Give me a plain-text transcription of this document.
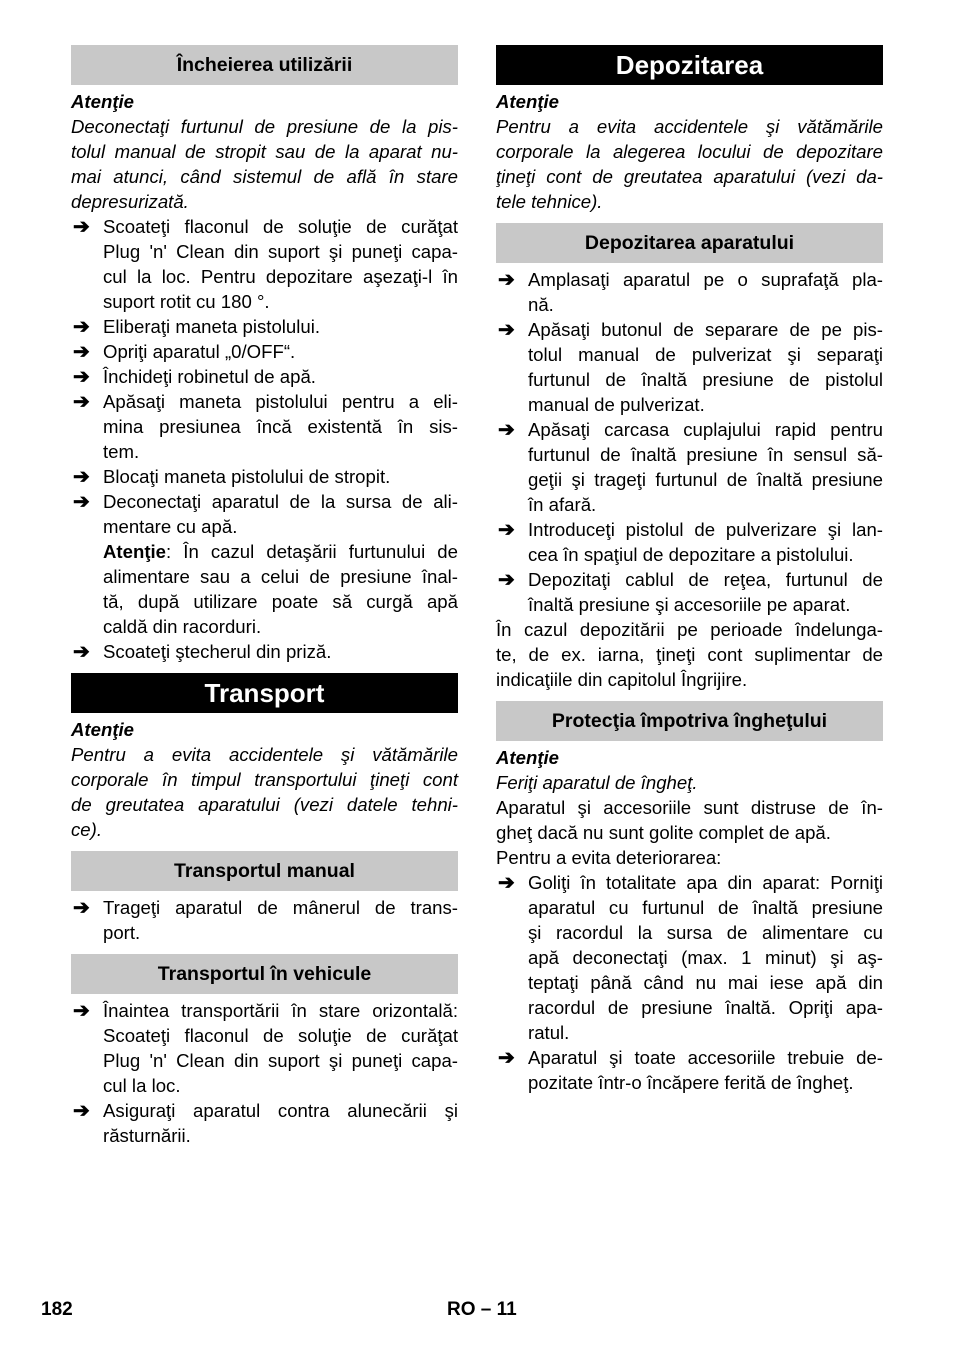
Încheierea utilizării
Atenţie
Deconectaţi furtunul de presiune de la pis-
tolul manual de stropit sau de la aparat nu-
mai atunci, când sistemul de află în stare
depresurizată.
➔ Scoateţi flaconul de soluţie de curăţat
Plug 'n' Clean din suport şi puneţi capa-
cul la loc. Pentru depozitare aşezaţi-l în
suport rotit cu 180 °.
➔ Eliberaţi maneta pistolului.
➔ Opriţi aparatul „0/OFF“.
➔ Închideţi robinetul de apă.
➔ Apăsaţi maneta pistolului pentru a eli-
mina presiunea încă existentă în sis-
tem.
➔ Blocaţi maneta pistolului de stropit.
➔ Deconectaţi aparatul de la sursa de ali-
mentare cu apă.
Atenţie: În cazul detaşării furtunului de
alimentare sau a celui de presiune înal-
tă, după utilizare poate să curgă apă
caldă din racorduri.
➔ Scoateţi ştecherul din priză.
Transport
Atenţie
Pentru a evita accidentele şi vătămările
corporale în timpul transportului ţineţi cont
de greutatea aparatului (vezi datele tehni-
ce).
Transportul manual
➔ Trageţi aparatul de mânerul de trans-
port.
Transportul în vehicule
➔ Înaintea transportării în stare orizontală:
Scoateţi flaconul de soluţie de curăţat
Plug 'n' Clean din suport şi puneţi capa-
cul la loc.
➔ Asiguraţi aparatul contra alunecării şi
răsturnării.
Depozitarea
Atenţie
Pentru a evita accidentele şi vătămările
corporale la alegerea locului de depozitare
ţineţi cont de greutatea aparatului (vezi da-
tele tehnice).
Depozitarea aparatului
➔ Amplasaţi aparatul pe o suprafaţă pla-
nă.
➔ Apăsaţi butonul de separare de pe pis-
tolul manual de pulverizat şi separaţi
furtunul de înaltă presiune de pistolul
manual de pulverizat.
➔ Apăsaţi carcasa cuplajului rapid pentru
furtunul de înaltă presiune în sensul să-
geţii şi trageţi furtunul de înaltă presiune
în afară.
➔ Introduceţi pistolul de pulverizare şi lan-
cea în spaţiul de depozitare a pistolului.
➔ Depozitaţi cablul de reţea, furtunul de
înaltă presiune şi accesoriile pe aparat.
În cazul depozitării pe perioade îndelunga-
te, de ex. iarna, ţineţi cont suplimentar de
indicaţiile din capitolul Îngrijire.
Protecţia împotriva îngheţului
Atenţie
Feriţi aparatul de îngheţ.
Aparatul şi accesoriile sunt distruse de în-
gheţ dacă nu sunt golite complet de apă.
Pentru a evita deteriorarea:
➔ Goliţi în totalitate apa din aparat: Porniţi
aparatul cu furtunul de înaltă presiune
şi racordul la sursa de alimentare cu
apă deconectaţi (max. 1 minut) şi aş-
teptaţi până când nu mai iese apă din
racordul de presiune înaltă. Opriţi apa-
ratul.
➔ Aparatul şi toate accesoriile trebuie de-
pozitate într-o încăpere ferită de îngheţ.
182	RO – 11
